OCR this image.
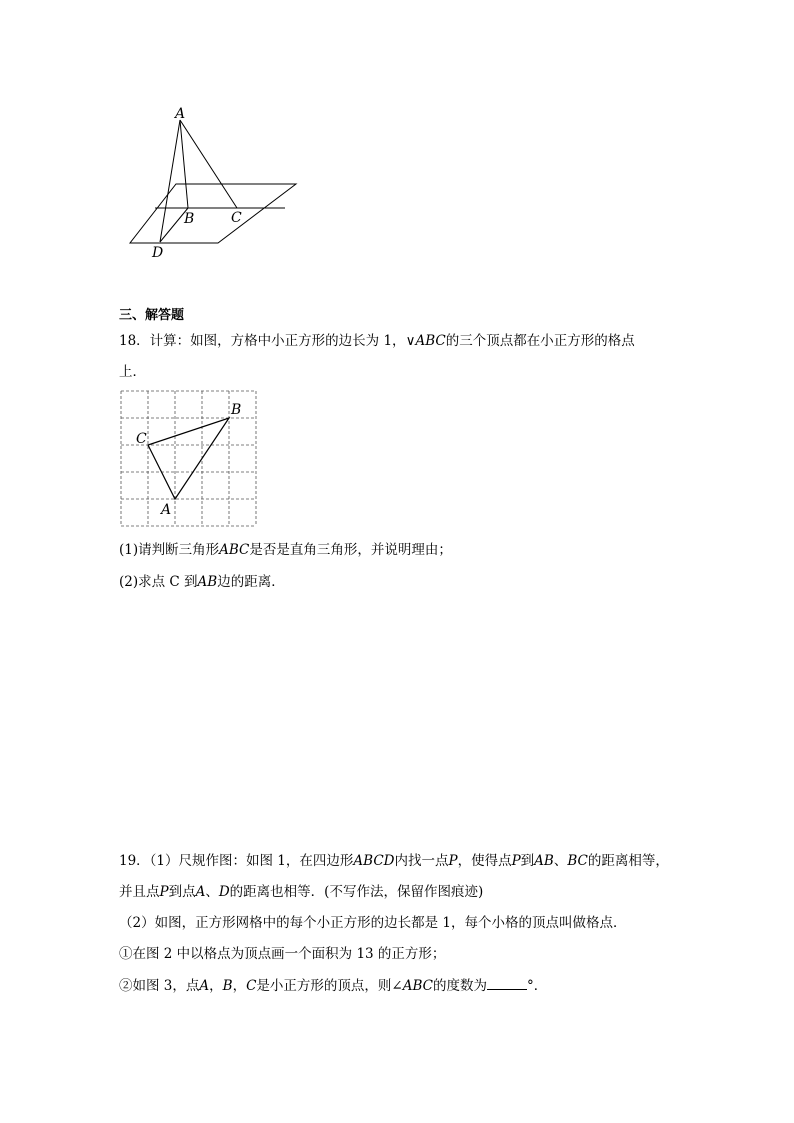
A
B	C
D
三、解答题
18．计算：如图，方格中小正方形的边长为 1，∨ABC的三个顶点都在小正方形的格点
上．
B
C
A
(1)请判断三角形ABC是否是直角三角形，并说明理由；
(2)求点 C 到AB边的距离．
19．（1）尺规作图：如图 1，在四边形ABCD内找一点P，使得点P到AB、BC的距离相等，
并且点P到点A、D的距离也相等．(不写作法，保留作图痕迹)
（2）如图，正方形网格中的每个小正方形的边长都是 1，每个小格的顶点叫做格点．
①在图 2 中以格点为顶点画一个面积为 13 的正方形；
②如图 3，点A，B，C是小正方形的顶点，则∠ABC的度数为	°．
